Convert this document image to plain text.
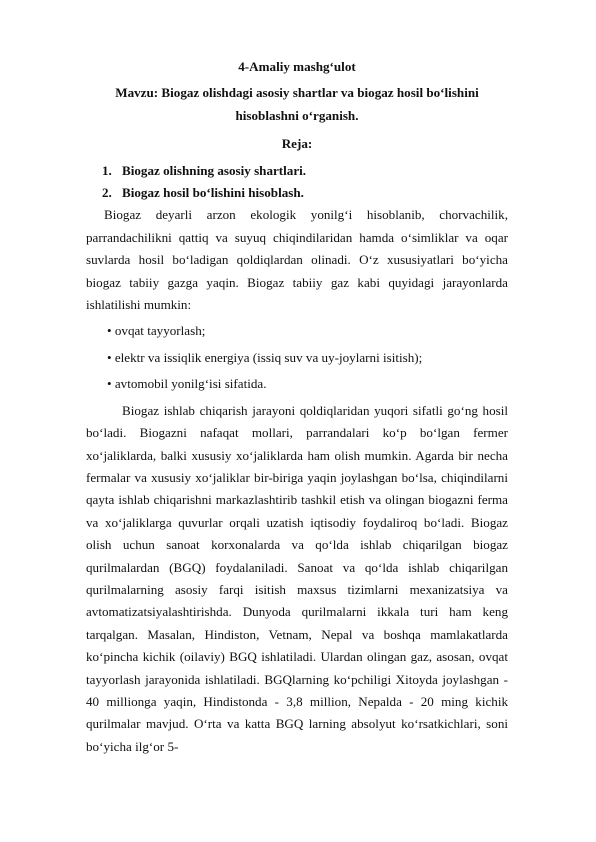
4-Amaliy mashg‘ulot
Mavzu: Biogaz olishdagi asosiy shartlar va biogaz hosil bo‘lishini hisoblashni o‘rganish.
Reja:
1. Biogaz olishning asosiy shartlari.
2. Biogaz hosil bo‘lishini hisoblash.

Biogaz deyarli arzon ekologik yonilg‘i hisoblanib, chorvachilik, parrandachilikni qattiq va suyuq chiqindilaridan hamda o‘simliklar va oqar suvlarda hosil bo‘ladigan qoldiqlardan olinadi. O‘z xususiyatlari bo‘yicha biogaz tabiiy gazga yaqin. Biogaz tabiiy gaz kabi quyidagi jarayonlarda ishlatilishi mumkin:

• ovqat tayyorlash;
• elektr va issiqlik energiya (issiq suv va uy-joylarni isitish);
• avtomobil yonilg‘isi sifatida.

Biogaz ishlab chiqarish jarayoni qoldiqlaridan yuqori sifatli go‘ng hosil bo‘ladi. Biogazni nafaqat mollari, parrandalari ko‘p bo‘lgan fermer xo‘jaliklarda, balki xususiy xo‘jaliklarda ham olish mumkin. Agarda bir necha fermalar va xususiy xo‘jaliklar bir-biriga yaqin joylashgan bo‘lsa, chiqindilarni qayta ishlab chiqarishni markazlashtirib tashkil etish va olingan biogazni ferma va xo‘jaliklarga quvurlar orqali uzatish iqtisodiy foydaliroq bo‘ladi. Biogaz olish uchun sanoat korxonalarda va qo‘lda ishlab chiqarilgan biogaz qurilmalardan (BGQ) foydalaniladi. Sanoat va qo‘lda ishlab chiqarilgan qurilmalarning asosiy farqi isitish maxsus tizimlarni mexanizatsiya va avtomatizatsiyalashtirishda. Dunyoda qurilmalarni ikkala turi ham keng tarqalgan. Masalan, Hindiston, Vetnam, Nepal va boshqa mamlakatlarda ko‘pincha kichik (oilaviy) BGQ ishlatiladi. Ulardan olingan gaz, asosan, ovqat tayyorlash jarayonida ishlatiladi. BGQlarning ko‘pchiligi Xitoyda joylashgan - 40 millionga yaqin, Hindistonda - 3,8 million, Nepalda - 20 ming kichik qurilmalar mavjud. O‘rta va katta BGQ larning absolyut ko‘rsatkichlari, soni bo‘yicha ilg‘or 5-
